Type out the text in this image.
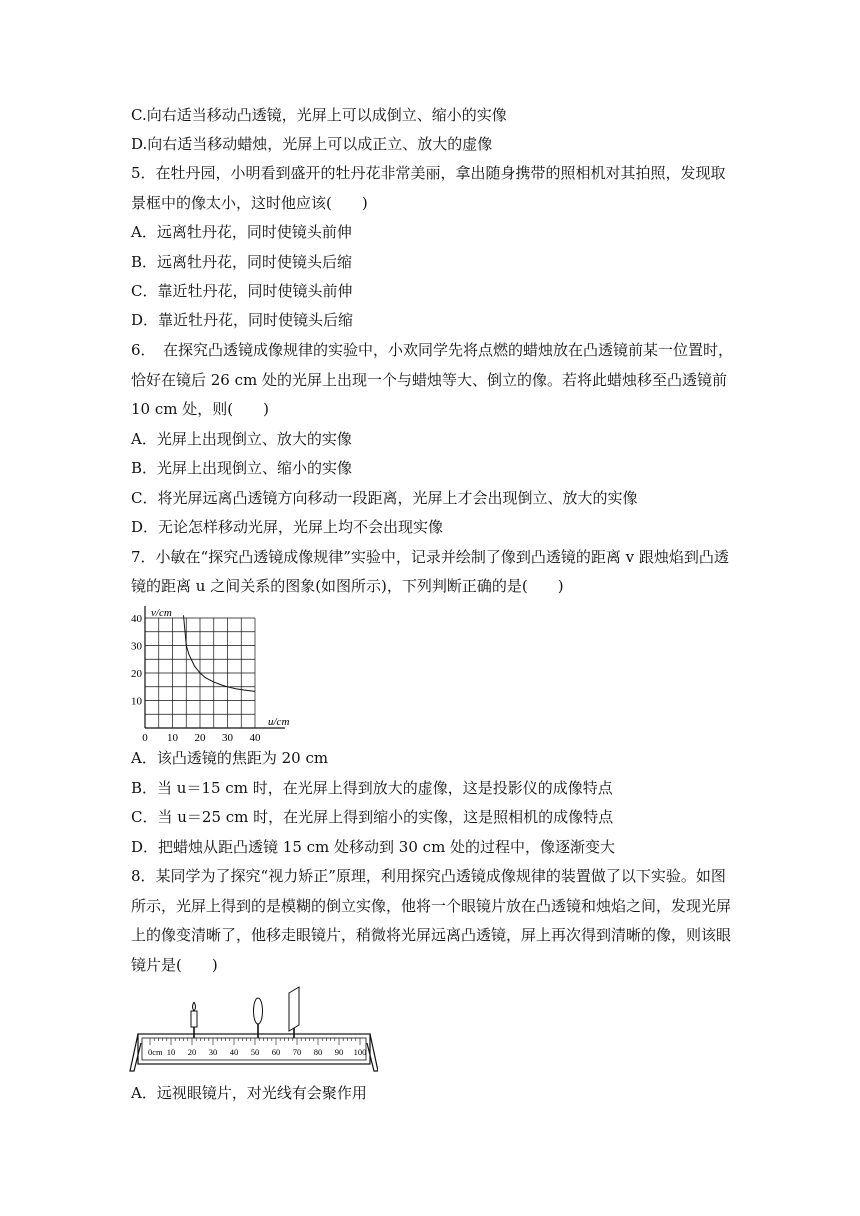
C.向右适当移动凸透镜，光屏上可以成倒立、缩小的实像
D.向右适当移动蜡烛，光屏上可以成正立、放大的虚像
5．在牡丹园，小明看到盛开的牡丹花非常美丽，拿出随身携带的照相机对其拍照，发现取
景框中的像太小，这时他应该(　　)
A．远离牡丹花，同时使镜头前伸
B．远离牡丹花，同时使镜头后缩
C．靠近牡丹花，同时使镜头前伸
D．靠近牡丹花，同时使镜头后缩
6．　在探究凸透镜成像规律的实验中，小欢同学先将点燃的蜡烛放在凸透镜前某一位置时，
恰好在镜后 26 cm 处的光屏上出现一个与蜡烛等大、倒立的像。若将此蜡烛移至凸透镜前
10 cm 处，则(　　)
A．光屏上出现倒立、放大的实像
B．光屏上出现倒立、缩小的实像
C．将光屏远离凸透镜方向移动一段距离，光屏上才会出现倒立、放大的实像
D．无论怎样移动光屏，光屏上均不会出现实像
7．小敏在“探究凸透镜成像规律”实验中，记录并绘制了像到凸透镜的距离 v 跟烛焰到凸透
镜的距离 u 之间关系的图象(如图所示)，下列判断正确的是(　　)
A．该凸透镜的焦距为 20 cm
B．当 u＝15 cm 时，在光屏上得到放大的虚像，这是投影仪的成像特点
C．当 u＝25 cm 时，在光屏上得到缩小的实像，这是照相机的成像特点
D．把蜡烛从距凸透镜 15 cm 处移动到 30 cm 处的过程中，像逐渐变大
8．某同学为了探究“视力矫正”原理，利用探究凸透镜成像规律的装置做了以下实验。如图
所示，光屏上得到的是模糊的倒立实像，他将一个眼镜片放在凸透镜和烛焰之间，发现光屏
上的像变清晰了，他移走眼镜片，稍微将光屏远离凸透镜，屏上再次得到清晰的像，则该眼
镜片是(　　)
A．远视眼镜片，对光线有会聚作用
0 10 20 30 40
10
20
30
40 v/cm
u/cm
0cm 10 20 30 40 50 60 70 80 90 100
